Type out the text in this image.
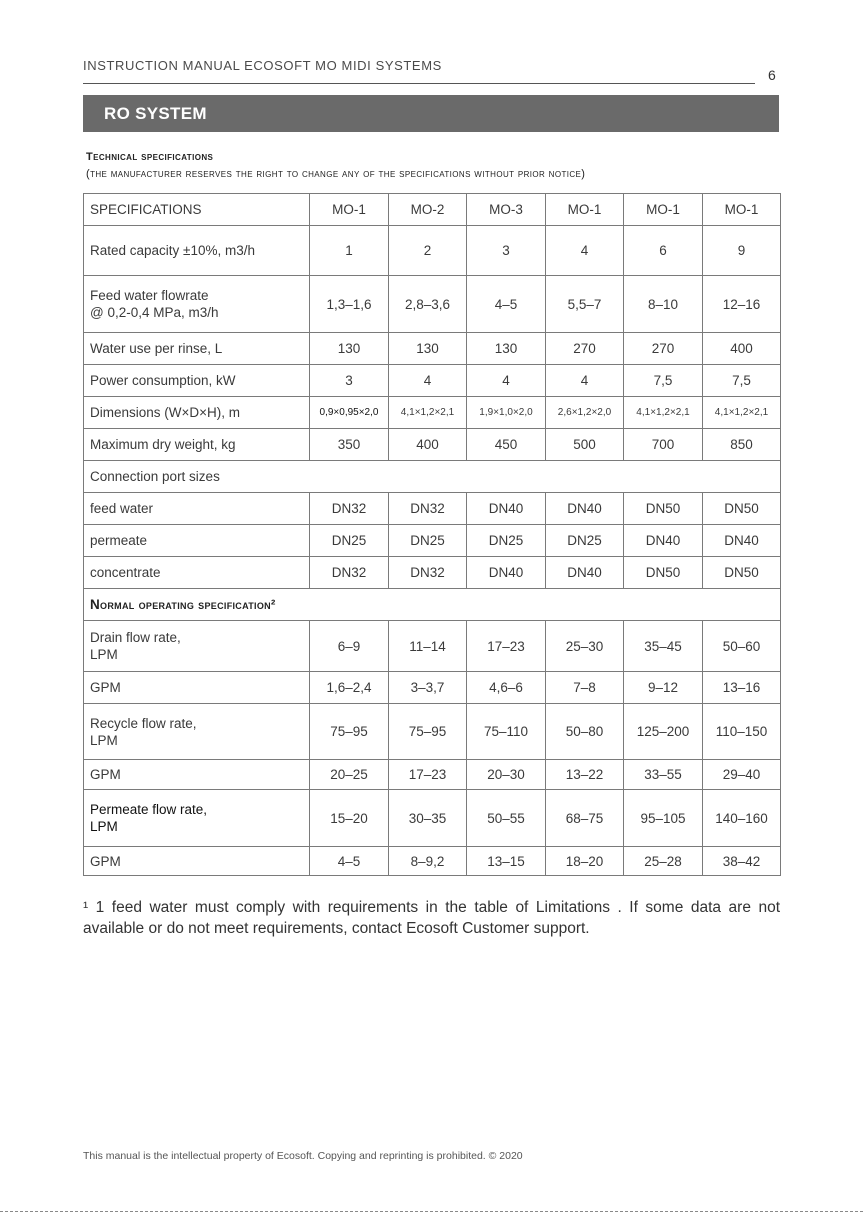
INSTRUCTION MANUAL ECOSOFT MO MIDI SYSTEMS
6
RO SYSTEM
Technical specifications
(the manufacturer reserves the right to change any of the specifications without prior notice)
SPECIFICATIONS	MO-1	MO-2	MO-3	MO-1	MO-1	MO-1
Rated capacity ±10%, m3/h	1	2	3	4	6	9

Feed water flowrate
@ 0,2-0,4 MPa, m3/h	1,3–1,6	2,8–3,6	4–5	5,5–7	8–10	12–16
Water use per rinse, L	130	130	130	270	270	400
Power consumption, kW	3	4	4	4	7,5	7,5
Dimensions (W×D×H), m	0,9×0,95×2,0	4,1×1,2×2,1	1,9×1,0×2,0	2,6×1,2×2,0	4,1×1,2×2,1	4,1×1,2×2,1
Maximum dry weight, kg	350	400	450	500	700	850
Connection port sizes						
feed water	DN32	DN32	DN40	DN40	DN50	DN50
permeate	DN25	DN25	DN25	DN25	DN40	DN40
concentrate	DN32	DN32	DN40	DN40	DN50	DN50
Normal operating specification²						

Drain flow rate,
LPM	6–9	11–14	17–23	25–30	35–45	50–60
GPM	1,6–2,4	3–3,7	4,6–6	7–8	9–12	13–16

Recycle flow rate,
LPM	75–95	75–95	75–110	50–80	125–200	110–150
GPM	20–25	17–23	20–30	13–22	33–55	29–40

Permeate flow rate,
LPM	15–20	30–35	50–55	68–75	95–105	140–160
GPM	4–5	8–9,2	13–15	18–20	25–28	38–42
¹ 1 feed water must comply with requirements in the table of Limitations . If some data are not available or do not meet requirements, contact Ecosoft Customer support.
This manual is the intellectual property of Ecosoft. Copying and reprinting is prohibited. © 2020
